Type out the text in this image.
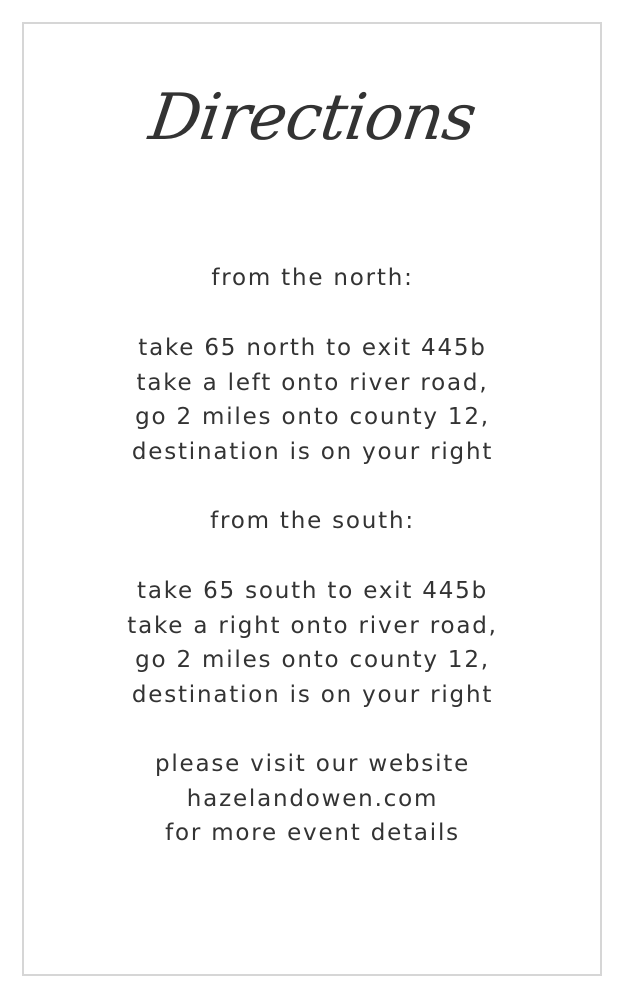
Directions
from the north:
take 65 north to exit 445b
take a left onto river road,
go 2 miles onto county 12,
destination is on your right
from the south:
take 65 south to exit 445b
take a right onto river road,
go 2 miles onto county 12,
destination is on your right
please visit our website
hazelandowen.com
for more event details
